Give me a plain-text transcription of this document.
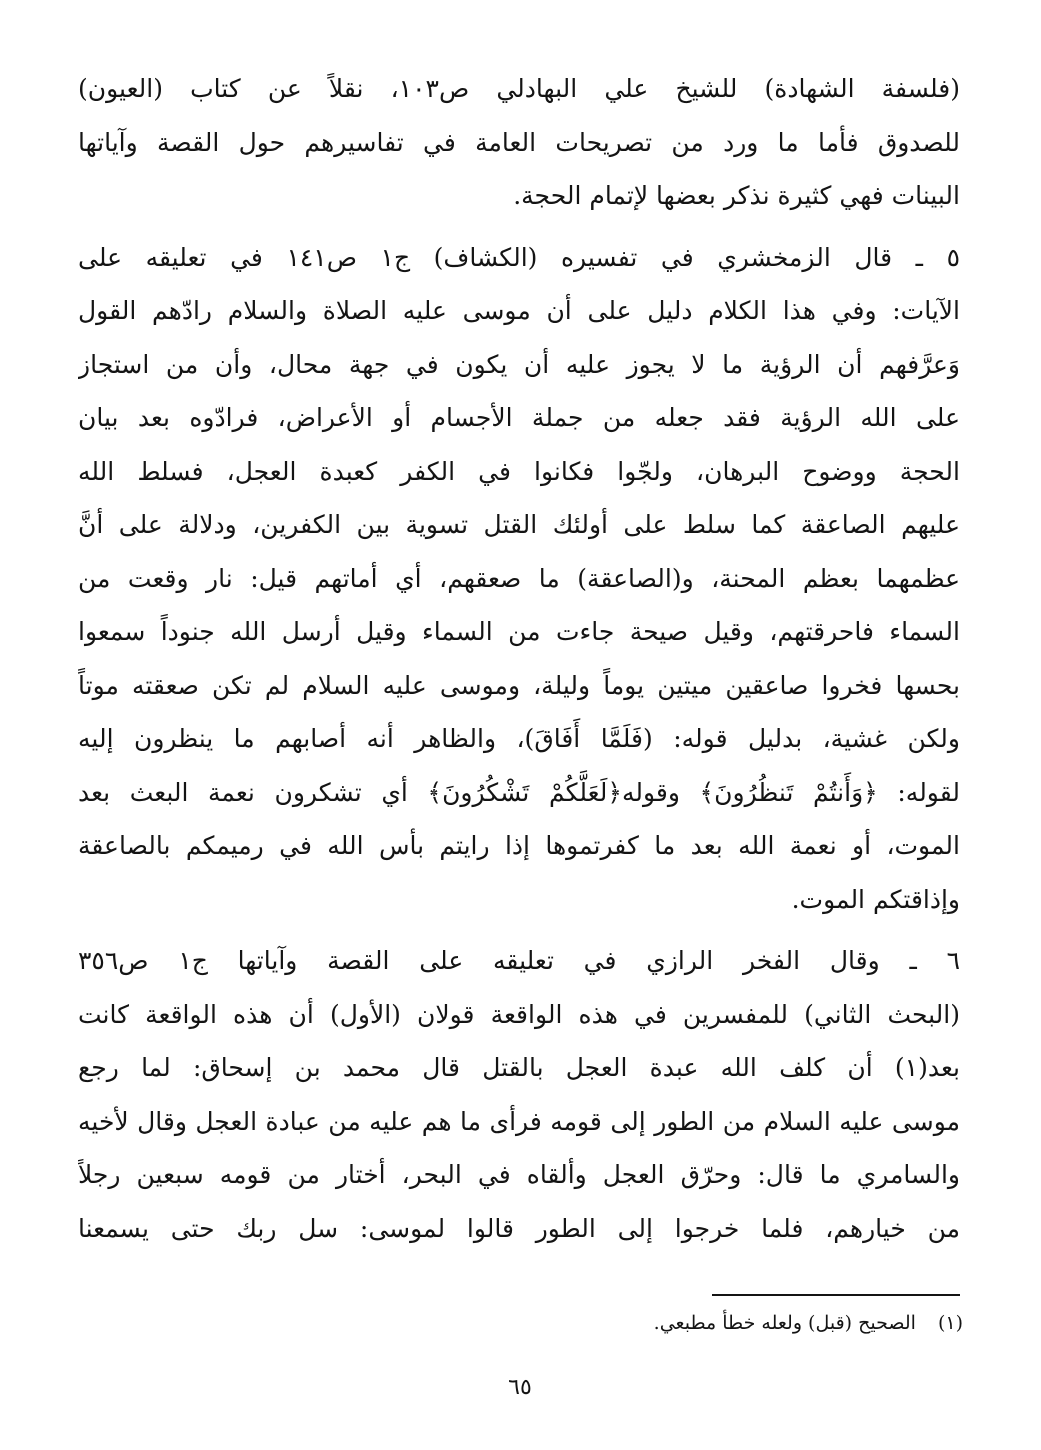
(فلسفة الشهادة) للشيخ علي البهادلي ص١٠٣، نقلاً عن كتاب (العيون)
للصدوق فأما ما ورد من تصريحات العامة في تفاسيرهم حول القصة وآياتها
البينات فهي كثيرة نذكر بعضها لإتمام الحجة.
٥ ـ قال الزمخشري في تفسيره (الكشاف) ج١ ص١٤١ في تعليقه على
الآيات: وفي هذا الكلام دليل على أن موسى عليه الصلاة والسلام رادّهم القول
وَعرَّفهم أن الرؤية ما لا يجوز عليه أن يكون في جهة محال، وأن من استجاز
على الله الرؤية فقد جعله من جملة الأجسام أو الأعراض، فرادّوه بعد بيان
الحجة ووضوح البرهان، ولجّوا فكانوا في الكفر كعبدة العجل، فسلط الله
عليهم الصاعقة كما سلط على أولئك القتل تسوية بين الكفرين، ودلالة على أنَّ
عظمهما بعظم المحنة، و(الصاعقة) ما صعقهم، أي أماتهم قيل: نار وقعت من
السماء فاحرقتهم، وقيل صيحة جاءت من السماء وقيل أرسل الله جنوداً سمعوا
بحسها فخروا صاعقين ميتين يوماً وليلة، وموسى عليه السلام لم تكن صعقته موتاً
ولكن غشية، بدليل قوله: (فَلَمَّا أَفَاقَ)، والظاهر أنه أصابهم ما ينظرون إليه
لقوله: ﴿وَأَنتُمْ تَنظُرُونَ﴾ وقوله﴿لَعَلَّكُمْ تَشْكُرُونَ﴾ أي تشكرون نعمة البعث بعد
الموت، أو نعمة الله بعد ما كفرتموها إذا رايتم بأس الله في رميمكم بالصاعقة
وإذاقتكم الموت.
٦ ـ وقال الفخر الرازي في تعليقه على القصة وآياتها ج١ ص٣٥٦
(البحث الثاني) للمفسرين في هذه الواقعة قولان (الأول) أن هذه الواقعة كانت
بعد(١) أن كلف الله عبدة العجل بالقتل قال محمد بن إسحاق: لما رجع
موسى عليه السلام من الطور إلى قومه فرأى ما هم عليه من عبادة العجل وقال لأخيه
والسامري ما قال: وحرّق العجل وألقاه في البحر، أختار من قومه سبعين رجلاً
من خيارهم، فلما خرجوا إلى الطور قالوا لموسى: سل ربك حتى يسمعنا
(١)الصحيح (قبل) ولعله خطأ مطبعي.
٦٥
